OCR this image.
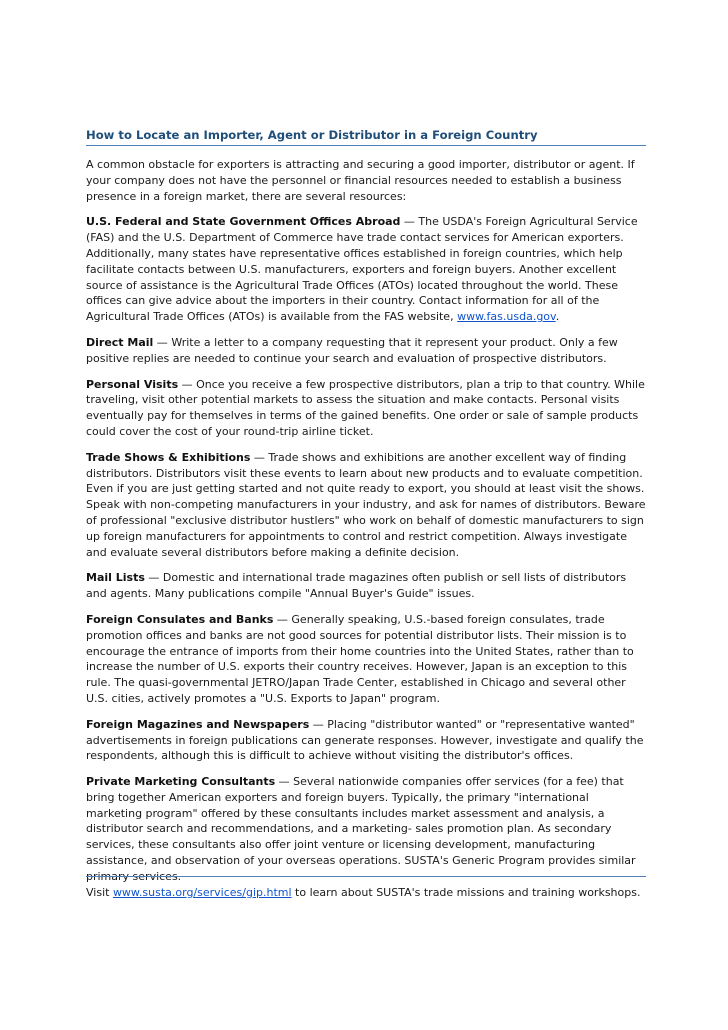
How to Locate an Importer, Agent or Distributor in a Foreign Country

A common obstacle for exporters is attracting and securing a good importer, distributor or agent. If your company does not have the personnel or financial resources needed to establish a business presence in a foreign market, there are several resources:

U.S. Federal and State Government Offices Abroad — The USDA's Foreign Agricultural Service (FAS) and the U.S. Department of Commerce have trade contact services for American exporters. Additionally, many states have representative offices established in foreign countries, which help facilitate contacts between U.S. manufacturers, exporters and foreign buyers. Another excellent source of assistance is the Agricultural Trade Offices (ATOs) located throughout the world. These offices can give advice about the importers in their country. Contact information for all of the Agricultural Trade Offices (ATOs) is available from the FAS website, www.fas.usda.gov.

Direct Mail — Write a letter to a company requesting that it represent your product. Only a few positive replies are needed to continue your search and evaluation of prospective distributors.

Personal Visits — Once you receive a few prospective distributors, plan a trip to that country. While traveling, visit other potential markets to assess the situation and make contacts. Personal visits eventually pay for themselves in terms of the gained benefits. One order or sale of sample products could cover the cost of your round-trip airline ticket.

Trade Shows & Exhibitions — Trade shows and exhibitions are another excellent way of finding distributors. Distributors visit these events to learn about new products and to evaluate competition. Even if you are just getting started and not quite ready to export, you should at least visit the shows. Speak with non-competing manufacturers in your industry, and ask for names of distributors. Beware of professional "exclusive distributor hustlers" who work on behalf of domestic manufacturers to sign up foreign manufacturers for appointments to control and restrict competition. Always investigate and evaluate several distributors before making a definite decision.

Mail Lists — Domestic and international trade magazines often publish or sell lists of distributors and agents. Many publications compile "Annual Buyer's Guide" issues.

Foreign Consulates and Banks — Generally speaking, U.S.-based foreign consulates, trade promotion offices and banks are not good sources for potential distributor lists. Their mission is to encourage the entrance of imports from their home countries into the United States, rather than to increase the number of U.S. exports their country receives. However, Japan is an exception to this rule. The quasi-governmental JETRO/Japan Trade Center, established in Chicago and several other U.S. cities, actively promotes a "U.S. Exports to Japan" program.

Foreign Magazines and Newspapers — Placing "distributor wanted" or "representative wanted" advertisements in foreign publications can generate responses. However, investigate and qualify the respondents, although this is difficult to achieve without visiting the distributor's offices.

Private Marketing Consultants — Several nationwide companies offer services (for a fee) that bring together American exporters and foreign buyers. Typically, the primary "international marketing program" offered by these consultants includes market assessment and analysis, a distributor search and recommendations, and a marketing- sales promotion plan. As secondary services, these consultants also offer joint venture or licensing development, manufacturing assistance, and observation of your overseas operations. SUSTA's Generic Program provides similar primary services.
Visit www.susta.org/services/gip.html to learn about SUSTA's trade missions and training workshops.
